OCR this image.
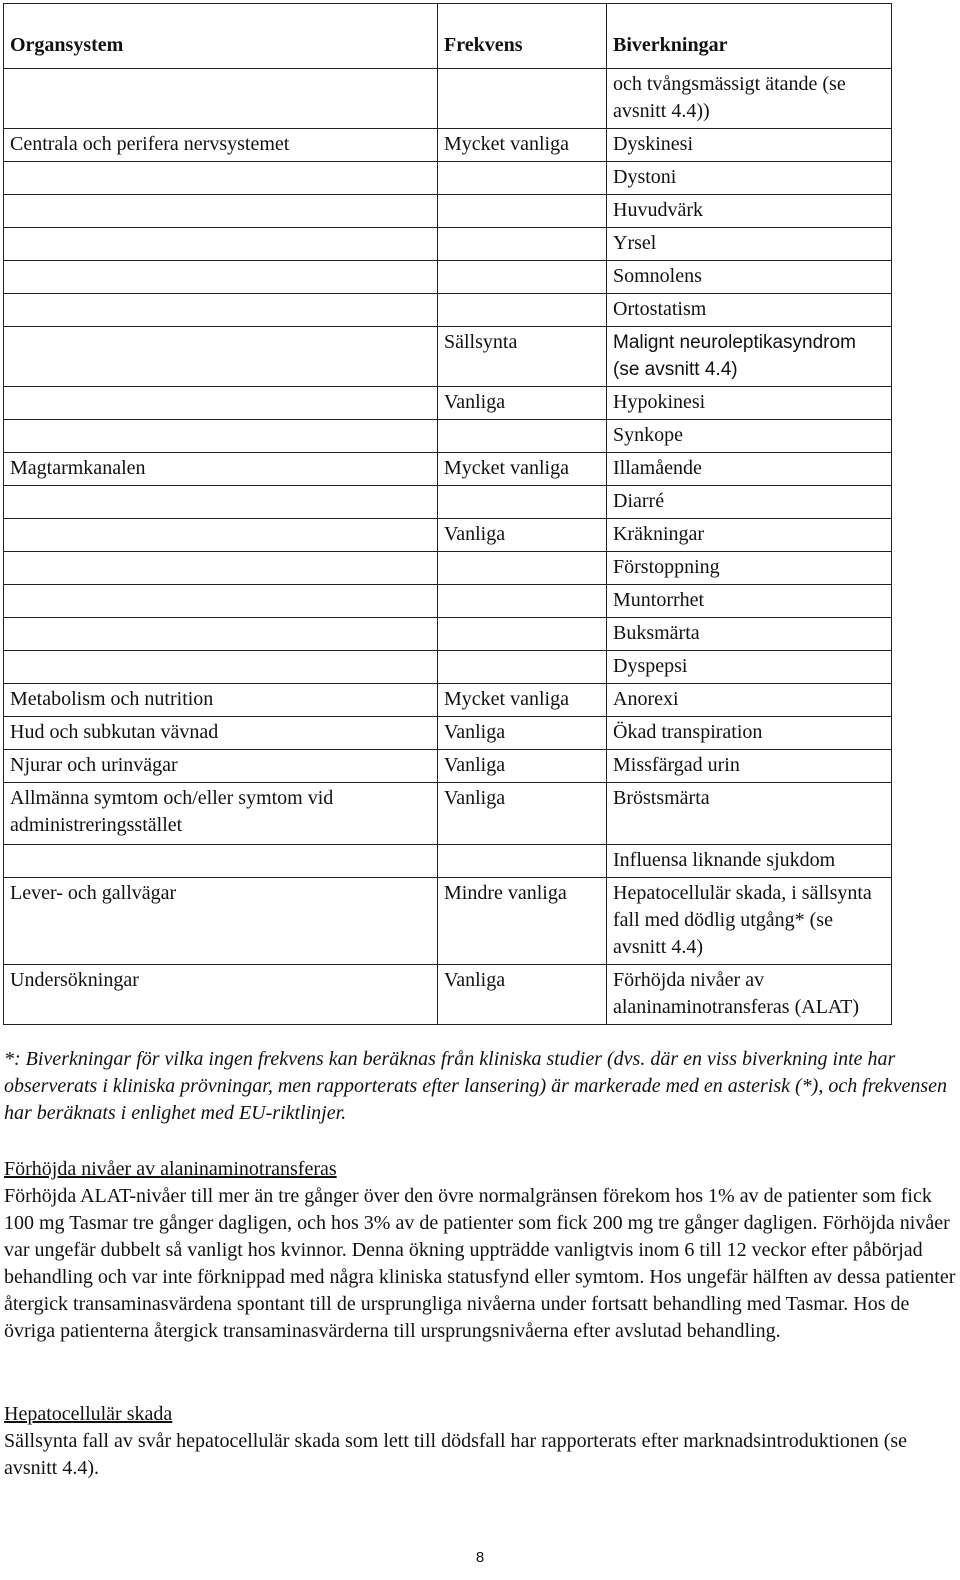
Organsystem	Frekvens	Biverkningar
		och tvångsmässigt ätande (se avsnitt 4.4))
Centrala och perifera nervsystemet	Mycket vanliga	Dyskinesi
		Dystoni
		Huvudvärk
		Yrsel
		Somnolens
		Ortostatism
	Sällsynta	Malignt neuroleptikasyndrom (se avsnitt 4.4)
	Vanliga	Hypokinesi
		Synkope
Magtarmkanalen	Mycket vanliga	Illamående
		Diarré
	Vanliga	Kräkningar
		Förstoppning
		Muntorrhet
		Buksmärta
		Dyspepsi
Metabolism och nutrition	Mycket vanliga	Anorexi
Hud och subkutan vävnad	Vanliga	Ökad transpiration
Njurar och urinvägar	Vanliga	Missfärgad urin
Allmänna symtom och/eller symtom vid administreringsstället	Vanliga	Bröstsmärta
		Influensa liknande sjukdom
Lever- och gallvägar	Mindre vanliga	Hepatocellulär skada, i sällsynta fall med dödlig utgång* (se avsnitt 4.4)
Undersökningar	Vanliga	Förhöjda nivåer av alaninaminotransferas (ALAT)

*: Biverkningar för vilka ingen frekvens kan beräknas från kliniska studier (dvs. där en viss biverkning inte har observerats i kliniska prövningar, men rapporterats efter lansering) är markerade med en asterisk (*), och frekvensen har beräknats i enlighet med EU-riktlinjer.

Förhöjda nivåer av alaninaminotransferas

Förhöjda ALAT-nivåer till mer än tre gånger över den övre normalgränsen förekom hos 1% av de patienter som fick 100 mg Tasmar tre gånger dagligen, och hos 3% av de patienter som fick 200 mg tre gånger dagligen. Förhöjda nivåer var ungefär dubbelt så vanligt hos kvinnor. Denna ökning uppträdde vanligtvis inom 6 till 12 veckor efter påbörjad behandling och var inte förknippad med några kliniska statusfynd eller symtom. Hos ungefär hälften av dessa patienter återgick transaminasvärdena spontant till de ursprungliga nivåerna under fortsatt behandling med Tasmar. Hos de övriga patienterna återgick transaminasvärderna till ursprungsnivåerna efter avslutad behandling.

Hepatocellulär skada

Sällsynta fall av svår hepatocellulär skada som lett till dödsfall har rapporterats efter marknadsintroduktionen (se avsnitt 4.4).

8
